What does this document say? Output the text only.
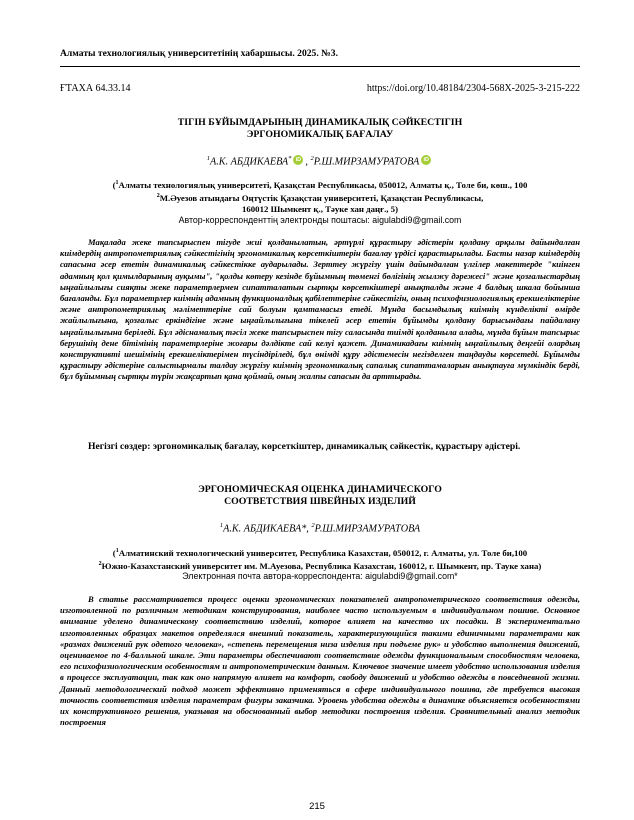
Алматы технологиялық университетінің хабаршысы. 2025. №3.
ҒТАХА 64.33.14	https://doi.org/10.48184/2304-568X-2025-3-215-222
ТІГІН БҰЙЫМДАРЫНЫҢ ДИНАМИКАЛЫҚ СӘЙКЕСТІГІН
ЭРГОНОМИКАЛЫҚ БАҒАЛАУ
$^1$А.К. АБДИКАЕВА* iD , $^2$Р.Ш.МИРЗАМУРАТОВА iD
($^1$Алматы технологиялық университеті, Қазақстан Республикасы, 050012, Алматы қ., Толе би, көш., 100
$^2$М.Әуезов атындағы Оңтүстік Қазақстан университеті, Қазақстан Республикасы,
160012 Шымкент қ., Тәуке хан даңғ., 5)
Автор-корреспонденттің электронды поштасы: aigulabdi9@gmail.com
Мақалада жеке тапсырыспен тігуде жиі қолданылатын, әртүрлі құрастыру әдістерін қолдану арқылы дайындалған киімдердің антропометриялық сәйкестігінің эргономикалық көрсеткіштерін бағалау үрдісі қарастырылады. Басты назар киімдердің сапасына әсер ететін динамикалық сәйкестікке аударылады. Зерттеу жүргізу үшін дайындалған үлгілер макеттерде "киінген адамның қол қимылдарының ауқымы", "қолды көтеру кезінде бұйымның төменгі бөлігінің жылжу дәрежесі" және қозғалыстардың ыңғайлылығы сияқты жеке параметрлермен сипатталатын сыртқы көрсеткіштері анықталды және 4 балдық шкала бойынша бағаланды. Бұл параметрлер киімнің адамның функционалдық қабілеттеріне сәйкестігін, оның психофизиологиялық ерекшеліктеріне және антропометриялық мәліметтеріне сай болуын қамтамасыз етеді. Мұнда басымдылық киімнің күнделікті өмірде жайлылығына, қозғалыс еркіндігіне және ыңғайлылығына тікелей әсер ететін бұйымды қолдану барысындағы пайдалану ыңғайлылығына беріледі. Бұл әдіснамалық тәсіл жеке тапсырыспен тігу саласында тиімді қолданыла алады, мұнда бұйым тапсырыс берушінің дене бітімінің параметрлеріне жоғары дәлдікте сай келуі қажет. Динамикадағы киімнің ыңғайлылық деңгейі олардың конструктивті шешімінің ерекшеліктерімен түсіндіріледі, бұл өнімді құру әдістемесін негізделген таңдауды көрсетеді. Бұйымды құрастыру әдістеріне салыстырмалы талдау жүргізу киімнің эргономикалық сапалық сипаттамаларын анықтауға мүмкіндік берді, бұл бұйымның сыртқы түрін жақсартып қана қоймай, оның жалпы сапасын да арттырады.
Негізгі сөздер: эргономикалық бағалау, көрсеткіштер, динамикалық сәйкестік, құрастыру әдістері.
ЭРГОНОМИЧЕСКАЯ ОЦЕНКА ДИНАМИЧЕСКОГО
СООТВЕТСТВИЯ ШВЕЙНЫХ ИЗДЕЛИЙ
$^1$А.К. АБДИКАЕВА*, $^2$Р.Ш.МИРЗАМУРАТОВА
($^1$Алматинский технологический университет, Республика Казахстан, 050012, г. Алматы, ул. Толе би,100
$^2$Южно-Казахстанский университет им. М.Ауезова, Республика Казахстан, 160012, г. Шымкент, пр. Тауке хана)
Электронная почта автора-корреспондента: aigulabdi9@gmail.com*
В статье рассматривается процесс оценки эргономических показателей антропометрического соответствия одежды, изготовленной по различным методикам конструирования, наиболее часто используемым в индивидуальном пошиве. Основное внимание уделено динамическому соответствию изделий, которое влияет на качество их посадки. В экспериментально изготовленных образцах макетов определялся внешний показатель, характеризующийся такими единичными параметрами как «размах движений рук одетого человека», «степень перемещения низа изделия при подъеме рук» и удобство выполнения движений, оцениваемое по 4-балльной шкале. Эти параметры обеспечивают соответствие одежды функциональным способностям человека, его психофизиологическим особенностям и антропометрическим данным. Ключевое значение имеет удобство использования изделия в процессе эксплуатации, так как оно напрямую влияет на комфорт, свободу движений и удобство одежды в повседневной жизни. Данный методологический подход может эффективно применяться в сфере индивидуального пошива, где требуется высокая точность соответствия изделия параметрам фигуры заказчика. Уровень удобства одежды в динамике объясняется особенностями их конструктивного решения, указывая на обоснованный выбор методики построения изделия. Сравнительный анализ методик построения
215
